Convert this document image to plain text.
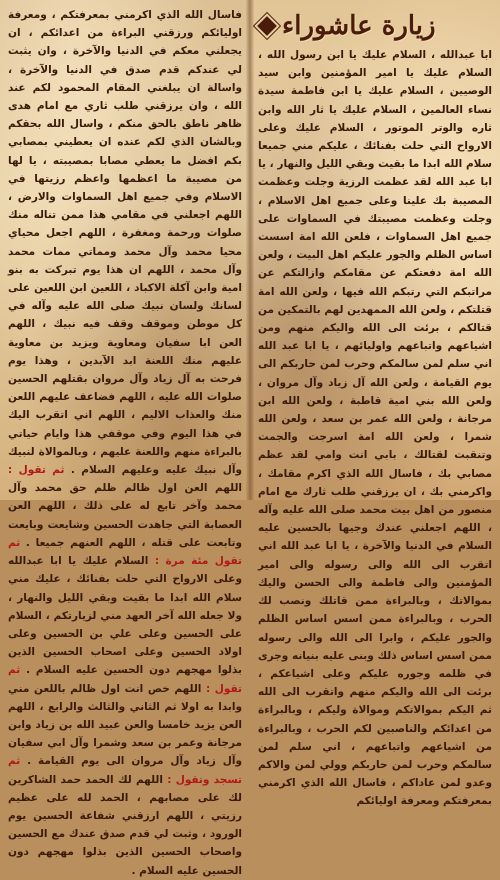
فاسال الله الذي اكرمني بمعرفتكم ، ومعرفة اوليائكم ورزقني البراءة من اعدائكم ، ان يجعلني معكم في الدنيا والآخرة ، وان يثبت لي عندكم قدم صدق في الدنيا والآخرة ، واسالة ان يبلغني المقام المحمود لكم عند الله ، وان يرزقني طلب ثاري مع امام هدى ظاهر ناطق بالحق منكم ، واسال الله بحقكم وبالشان الذي لكم عنده ان يعطيني بمصابي بكم افضل ما يعطي مصابا بمصيبته ، يا لها من مصيبة ما اعظمها واعظم رزيتها في الاسلام وفي جميع اهل السماوات والارض ، اللهم اجعلني في مقامي هذا ممن تناله منك صلوات ورحمة ومغفرة ، اللهم اجعل محياي محيا محمد وآل محمد ومماتي ممات محمد وآل محمد ، اللهم ان هذا يوم تبركت به بنو امية وابن آكلة الاكباد ، اللعين ابن اللعين على لسانك ولسان نبيك صلى الله عليه وآله في كل موطن وموقف وقف فيه نبيك ، اللهم العن ابا سفيان ومعاوية ويزيد بن معاوية عليهم منك اللعنة ابد الآبدين ، وهذا يوم فرحت به آل زياد وآل مروان بقتلهم الحسين صلوات الله عليه ، اللهم فضاعف عليهم اللعن منك والعذاب الاليم ، اللهم اني اتقرب اليك في هذا اليوم وفي موقفي هذا وايام حياتي بالبراءة منهم واللعنة عليهم ، وبالموالاة لنبيك وآل نبيك عليه وعليهم السلام . ثم تقول : اللهم العن اول ظالم ظلم حق محمد وآل محمد وآخر تابع له على ذلك ، اللهم العن العصابة التي جاهدت الحسين وشايعت وبايعت وتابعت على قتله ، اللهم العنهم جميعا . ثم تقول مئة مرة : السلام عليك يا ابا عبدالله وعلى الارواح التي حلت بفنائك ، عليك مني سلام الله ابدا ما بقيت وبقي الليل والنهار ، ولا جعله الله آخر العهد مني لزيارتكم ، السلام على الحسين وعلى علي بن الحسين وعلى اولاد الحسين وعلى اصحاب الحسين الذين بذلوا مهجهم دون الحسين عليه السلام . ثم تقول : اللهم خص انت اول ظالم باللعن مني وابدا به اولا ثم الثاني والثالث والرابع ، اللهم العن يزيد خامسا والعن عبيد الله بن زياد وابن مرجانة وعمر بن سعد وشمرا وآل ابي سفيان وآل زياد وآل مروان الى يوم القيامة . ثم تسجد وتقول : اللهم لك الحمد حمد الشاكرين لك على مصابهم ، الحمد لله على عظيم رزيتي ، اللهم ارزقني شفاعة الحسين يوم الورود ، وثبت لي قدم صدق عندك مع الحسين واصحاب الحسين الذين بذلوا مهجهم دون الحسين عليه السلام .
زيارة عاشوراء
ابا عبدالله ، السلام عليك يا ابن رسول الله ، السلام عليك يا امير المؤمنين وابن سيد الوصيين ، السلام عليك يا ابن فاطمة سيدة نساء العالمين ، السلام عليك يا ثار الله وابن ثاره والوتر الموتور ، السلام عليك وعلى الارواح التي حلت بفنائك ، عليكم مني جميعا سلام الله ابدا ما بقيت وبقي الليل والنهار ، يا ابا عبد الله لقد عظمت الرزية وجلت وعظمت المصيبة بك علينا وعلى جميع اهل الاسلام ، وجلت وعظمت مصيبتك في السماوات على جميع اهل السماوات ، فلعن الله امة اسست اساس الظلم والجور عليكم اهل البيت ، ولعن الله امة دفعتكم عن مقامكم وازالتكم عن مراتبكم التي رتبكم الله فيها ، ولعن الله امة قتلتكم ، ولعن الله الممهدين لهم بالتمكين من قتالكم ، برئت الى الله واليكم منهم ومن اشياعهم واتباعهم واوليائهم ، يا ابا عبد الله اني سلم لمن سالمكم وحرب لمن حاربكم الى يوم القيامة ، ولعن الله آل زياد وآل مروان ، ولعن الله بني امية قاطبة ، ولعن الله ابن مرجانة ، ولعن الله عمر بن سعد ، ولعن الله شمرا ، ولعن الله امة اسرجت والجمت وتنقبت لقتالك ، بابي انت وامي لقد عظم مصابي بك ، فاسال الله الذي اكرم مقامك ، واكرمني بك ، ان يرزقني طلب ثارك مع امام منصور من اهل بيت محمد صلى الله عليه وآله ، اللهم اجعلني عندك وجيها بالحسين عليه السلام في الدنيا والآخرة ، يا ابا عبد الله اني اتقرب الى الله والى رسوله والى امير المؤمنين والى فاطمة والى الحسن واليك بموالاتك ، وبالبراءة ممن قاتلك ونصب لك الحرب ، وبالبراءة ممن اسس اساس الظلم والجور عليكم ، وابرا الى الله والى رسوله ممن اسس اساس ذلك وبنى عليه بنيانه وجرى في ظلمه وجوره عليكم وعلى اشياعكم ، برئت الى الله واليكم منهم واتقرب الى الله ثم اليكم بموالاتكم وموالاة وليكم ، وبالبراءة من اعدائكم والناصبين لكم الحرب ، وبالبراءة من اشياعهم واتباعهم ، اني سلم لمن سالمكم وحرب لمن حاربكم وولي لمن والاكم وعدو لمن عاداكم ، فاسال الله الذي اكرمني بمعرفتكم ومعرفة اوليائكم
